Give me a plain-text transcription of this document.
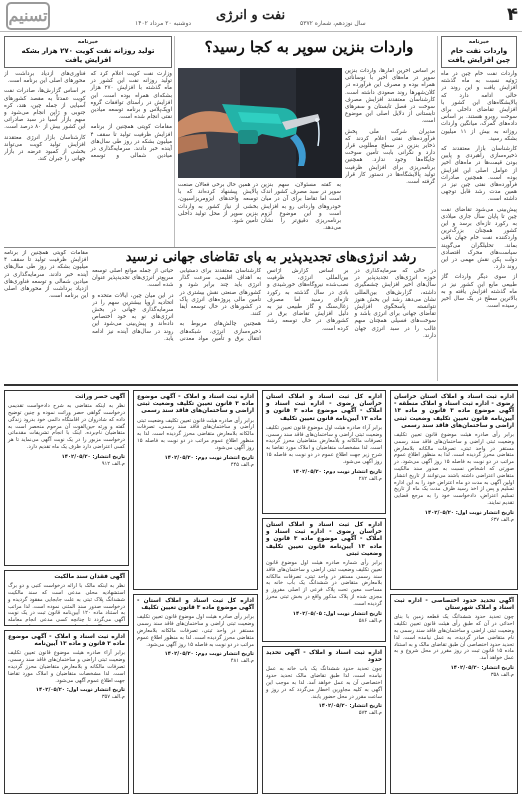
تسنیم	دوشنبه ۲۰ مرداد ۱۴۰۲
نفت و انرژی
سال نوزدهم، شماره ۵۳۷۲	۴
خبرنامه
واردات نفت خام چین افزایش یافت

واردات نفت خام چین در ماه ژوئیه نسبت به ماه گذشته افزایش یافت و این روند در حالی ادامه دارد که پالایشگاه‌های این کشور با افزایش تقاضای داخلی برای سوخت روبرو هستند. بر اساس داده‌های گمرک، میانگین واردات روزانه به بیش از ۱۱ میلیون بشکه رسید.

کارشناسان بازار معتقدند که ذخیره‌سازی راهبردی و پایین بودن قیمت‌ها در ماه‌های اخیر از عوامل اصلی این افزایش بوده است. همچنین صادرات فرآورده‌های نفتی چین نیز در همین مدت رشد قابل توجهی داشته است.

پیش‌بینی می‌شود تقاضای نفت چین تا پایان سال جاری میلادی به رکورد تازه‌ای برسد و این کشور همچنان بزرگ‌ترین واردکننده نفت خام جهان باقی بماند. تحلیلگران می‌گویند سیاست‌های محرک اقتصادی دولت پکن نقش مهمی در این روند دارد.

از سوی دیگر واردات گاز طبیعی مایع این کشور نیز در ماه گذشته افزایش یافته و به بالاترین سطح در یک سال اخیر رسیده است.

واردات بنزین سوپر به کجا رسید؟

بر اساس آخرین آمارها، واردات بنزین سوپر در ماه‌های اخیر با نوساناتی همراه بوده و مصرف این فرآورده در کلان‌شهرها روند صعودی داشته است. کارشناسان معتقدند افزایش مصرف سوخت در فصل تابستان و سفرهای تابستانی از دلایل اصلی این موضوع است.

مدیران شرکت ملی پخش فرآورده‌های نفتی اعلام کردند که ذخایر بنزین در سطح مطلوبی قرار دارد و نگرانی بابت تأمین سوخت جایگاه‌ها وجود ندارد. همچنین برنامه‌ریزی برای افزایش ظرفیت تولید پالایشگاه‌ها در دستور کار قرار گرفته است.

به گفته مسئولان، سهم بنزین سوپر در سبد مصرف کشور اندک است اما تقاضا برای آن در میان خودروهای وارداتی رو به افزایش است و این موضوع لزوم برنامه‌ریزی دقیق‌تر را نشان می‌دهد.

در همین حال برخی فعالان صنعت پالایش پیشنهاد کرده‌اند که با توسعه واحدهای ایزومریزاسیون، بخشی از نیاز کشور به واردات بنزین سوپر از محل تولید داخلی تأمین شود.

خبرنامه
تولید روزانه نفت کویت ۲۷۰ هزار بشکه افزایش یافت

وزارت نفت کویت اعلام کرد که تولید روزانه نفت این کشور در ماه گذشته با افزایش ۲۷۰ هزار بشکه‌ای همراه بوده است. این افزایش در راستای توافقات گروه اوپک‌پلاس و برنامه توسعه میادین نفتی انجام شده است.

مقامات کویتی همچنین از برنامه افزایش ظرفیت تولید تا سقف ۴ میلیون بشکه در روز طی سال‌های آینده خبر دادند. سرمایه‌گذاری در میادین شمالی و توسعه فناوری‌های ازدیاد برداشت از محورهای اصلی این برنامه است.

بر اساس گزارش‌ها، صادرات نفت کویت عمدتاً به مقصد کشورهای آسیایی از جمله چین، هند، کره جنوبی و ژاپن انجام می‌شود و سهم بازار آسیا در سبد صادراتی این کشور بیش از ۸۰ درصد است.

کارشناسان بازار انرژی معتقدند افزایش تولید کویت می‌تواند بخشی از کمبود عرضه در بازار جهانی را جبران کند.

رشد انرژی‌های تجدیدپذیر به پای تقاضای جهانی نرسید

در حالی که سرمایه‌گذاری در حوزه انرژی‌های تجدیدپذیر در سال‌های اخیر افزایش چشمگیری داشته، گزارش‌های بین‌المللی نشان می‌دهد رشد این بخش هنوز نتوانسته پاسخگوی افزایش تقاضای جهانی برای انرژی باشد و سوخت‌های فسیلی همچنان سهم غالب را در سبد انرژی جهان دارند.

بر اساس گزارش آژانس بین‌المللی انرژی، ظرفیت نصب‌شده نیروگاه‌های خورشیدی و بادی در سال گذشته به رکورد تازه‌ای رسید اما مصرف زغال‌سنگ و گاز طبیعی نیز به دلیل افزایش تقاضای برق در کشورهای در حال توسعه رشد کرده است.

کارشناسان معتقدند برای دستیابی به اهداف اقلیمی، سرعت گذار انرژی باید چند برابر شود و کشورهای صنعتی نقش بیشتری در تأمین مالی پروژه‌های انرژی پاک در کشورهای در حال توسعه ایفا کنند.

همچنین چالش‌های مربوط به ذخیره‌سازی انرژی، شبکه‌های انتقال برق و تأمین مواد معدنی حیاتی از جمله موانع اصلی توسعه سریع‌تر انرژی‌های تجدیدپذیر عنوان شده است.

در این میان چین، ایالات متحده و اتحادیه اروپا بیشترین سهم را در سرمایه‌گذاری جهانی در بخش انرژی‌های نو به خود اختصاص داده‌اند و پیش‌بینی می‌شود این روند در سال‌های آینده نیز ادامه یابد.

مقامات کویتی همچنین از برنامه افزایش ظرفیت تولید تا سقف ۴ میلیون بشکه در روز طی سال‌های آینده خبر دادند. سرمایه‌گذاری در میادین شمالی و توسعه فناوری‌های ازدیاد برداشت از محورهای اصلی این برنامه است.

اداره ثبت اسناد و املاک استان خراسان رضوی - اداره ثبت اسناد و املاک منطقه - آگهی موضوع ماده ۳ قانون و ماده ۱۳ آیین‌نامه قانون تعیین تکلیف وضعیت ثبتی اراضی و ساختمان‌های فاقد سند رسمی
برابر رأی صادره هیئت موضوع قانون تعیین تکلیف وضعیت ثبتی اراضی و ساختمان‌های فاقد سند رسمی مستقر در واحد ثبتی، تصرفات مالکانه بلامعارض متقاضی محرز گردیده است. لذا به منظور اطلاع عموم مراتب در دو نوبت به فاصله ۱۵ روز آگهی می‌شود. در صورتی که اشخاص نسبت به صدور سند مالکیت متقاضی اعتراضی داشته باشند می‌توانند از تاریخ انتشار اولین آگهی به مدت دو ماه اعتراض خود را به این اداره تسلیم و پس از اخذ رسید ظرف مدت یک ماه از تاریخ تسلیم اعتراض، دادخواست خود را به مرجع قضایی تقدیم نمایند.
تاریخ انتشار نوبت اول: ۱۴۰۲/۰۵/۲۰
م.الف ۶۳۷
آگهی تحدید حدود اختصاصی - اداره ثبت اسناد و املاک شهرستان
چون تحدید حدود ششدانگ یک قطعه زمین با بنای احداثی در آن که طبق رأی هیئت قانون تعیین تکلیف وضعیت ثبتی اراضی و ساختمان‌های فاقد سند رسمی به نام متقاضی صادر گردیده، به عمل نیامده است. لذا تحدید حدود اختصاصی آن طبق تقاضای مالک و به استناد ماده ۱۵ قانون ثبت در روز مقرر در محل شروع و به عمل خواهد آمد.
تاریخ انتشار: ۱۴۰۲/۰۵/۲۰
م.الف ۳۵۸
اداره کل ثبت اسناد و املاک استان خراسان رضوی - اداره ثبت اسناد و املاک - آگهی موضوع ماده ۳ قانون و ماده ۱۳ آیین‌نامه قانون تعیین تکلیف
برابر آراء صادره هیئت اول موضوع قانون تعیین تکلیف وضعیت ثبتی اراضی و ساختمان‌های فاقد سند رسمی، تصرفات مالکانه و بلامعارض متقاضیان محرز گردیده است. لذا مشخصات متقاضیان و املاک مورد تقاضا به شرح زیر جهت اطلاع عموم در دو نوبت به فاصله ۱۵ روز آگهی می‌شود.
تاریخ انتشار نوبت دوم: ۱۴۰۲/۰۵/۲۰
م.الف ۲۸۲
اداره کل ثبت اسناد و املاک استان خراسان رضوی - اداره ثبت اسناد و املاک - آگهی موضوع ماده ۳ قانون و ماده ۱۳ آیین‌نامه قانون تعیین تکلیف وضعیت ثبتی
برابر رأی شماره صادره هیئت اول موضوع قانون تعیین تکلیف وضعیت ثبتی اراضی و ساختمان‌های فاقد سند رسمی مستقر در واحد ثبتی، تصرفات مالکانه بلامعارض متقاضی در ششدانگ یک باب خانه به مساحت معین تحت پلاک فرعی از اصلی مفروز و مجزی شده از پلاک مذکور واقع در بخش ثبتی محرز گردیده است.
تاریخ انتشار نوبت اول: ۱۴۰۲/۰۵/۰۵
م.الف ۵۸۶
اداره ثبت اسناد و املاک - آگهی تحدید حدود
چون تحدید حدود ششدانگ یک باب خانه به عمل نیامده است، لذا طبق تقاضای مالک تحدید حدود اختصاصی آن به عمل خواهد آمد. لذا به موجب این آگهی به کلیه مجاورین اخطار می‌گردد که در روز و ساعت مقرر در محل حضور یابند.
تاریخ انتشار: ۱۴۰۲/۰۵/۲۰
م.الف ۵۷۳
اداره ثبت اسناد و املاک - آگهی موضوع ماده ۳ قانون تعیین تکلیف وضعیت ثبتی اراضی و ساختمان‌های فاقد سند رسمی
برابر رأی صادره هیئت قانون تعیین تکلیف وضعیت ثبتی اراضی و ساختمان‌های فاقد سند رسمی، تصرفات مالکانه بلامعارض متقاضی محرز گردیده است. لذا به منظور اطلاع عموم مراتب در دو نوبت به فاصله ۱۵ روز آگهی می‌شود.
تاریخ انتشار نوبت دوم: ۱۴۰۲/۰۵/۲۰
م.الف ۴۴۵
اداره کل ثبت اسناد و املاک استان - آگهی موضوع ماده ۳ قانون تعیین تکلیف
برابر رأی صادره هیئت اول موضوع قانون تعیین تکلیف وضعیت ثبتی اراضی و ساختمان‌های فاقد سند رسمی مستقر در واحد ثبتی، تصرفات مالکانه بلامعارض متقاضی محرز گردیده است. لذا به منظور اطلاع عموم مراتب در دو نوبت به فاصله ۱۵ روز آگهی می‌شود.
تاریخ انتشار نوبت دوم: ۱۴۰۲/۰۵/۲۰
م.الف ۴۸۱
آگهی حصر وراثت
نظر به اینکه متقاضی به شرح دادخواست تقدیمی درخواست گواهی حصر وراثت نموده و چنین توضیح داده که شادروان در اقامتگاه دائمی خود بدرود زندگی گفته و ورثه حین‌الفوت آن مرحوم منحصر است به متقاضیان نام‌برده. اینک با انجام تشریفات مقدماتی درخواست مزبور را در یک نوبت آگهی می‌نماید تا هر کسی اعتراضی دارد ظرف یک ماه تقدیم دارد.
تاریخ انتشار: ۱۴۰۲/۰۵/۲۰
م.الف ۹۱۲
آگهی فقدان سند مالکیت
نظر به اینکه مالک با ارائه درخواست کتبی و دو برگ استشهادیه محلی مدعی است که سند مالکیت ششدانگ پلاک ثبتی به علت جابجایی مفقود گردیده و درخواست صدور سند المثنی نموده است. لذا مراتب به استناد ماده ۱۲۰ آیین‌نامه قانون ثبت در یک نوبت آگهی می‌گردد تا چنانچه کسی مدعی انجام معامله
اداره ثبت اسناد و املاک - آگهی موضوع ماده ۳ قانون و ماده ۱۳ آیین‌نامه
برابر آراء صادره هیئت موضوع قانون تعیین تکلیف وضعیت ثبتی اراضی و ساختمان‌های فاقد سند رسمی، تصرفات مالکانه و بلامعارض متقاضیان محرز گردیده است. لذا مشخصات متقاضیان و املاک مورد تقاضا جهت اطلاع عموم آگهی می‌شود.
تاریخ انتشار نوبت اول: ۱۴۰۲/۰۵/۲۰
م.الف ۳۵۷
